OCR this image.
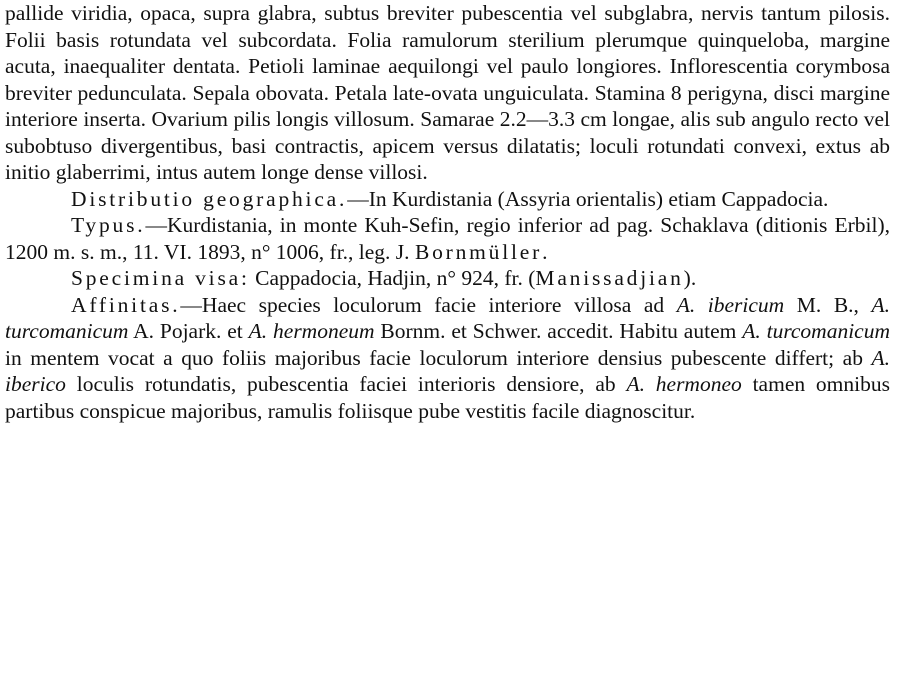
pallide viridia, opaca, supra glabra, subtus breviter pubescentia vel subglabra, nervis tantum pilosis. Folii basis rotundata vel subcordata. Folia ramulorum sterilium plerumque quinqueloba, margine acuta, inaequaliter dentata. Petioli laminae aequilongi vel paulo longiores. Inflorescentia corymbosa breviter pedunculata. Sepala obovata. Petala late-ovata unguiculata. Stamina 8 perigyna, disci margine interiore inserta. Ovarium pilis longis villosum. Samarae 2.2—3.3 cm longae, alis sub angulo recto vel subobtuso divergentibus, basi contractis, apicem versus dilatatis; loculi rotundati convexi, extus ab initio glaberrimi, intus autem longe dense villosi.

Distributio geographica.—In Kurdistania (Assyria orientalis) etiam Cappadocia.

Typus.—Kurdistania, in monte Kuh-Sefin, regio inferior ad pag. Schaklava (ditionis Erbil), 1200 m. s. m., 11. VI. 1893, n° 1006, fr., leg. J. Bornmüller.

Specimina visa: Cappadocia, Hadjin, n° 924, fr. (Manissadjian).

Affinitas.—Haec species loculorum facie interiore villosa ad A. ibericum M. B., A. turcomanicum A. Pojark. et A. hermoneum Bornm. et Schwer. accedit. Habitu autem A. turcomanicum in mentem vocat a quo foliis majoribus facie loculorum interiore densius pubescente differt; ab A. iberico loculis rotundatis, pubescentia faciei interioris densiore, ab A. hermoneo tamen omnibus partibus conspicue majoribus, ramulis foliisque pube vestitis facile diagnoscitur.
